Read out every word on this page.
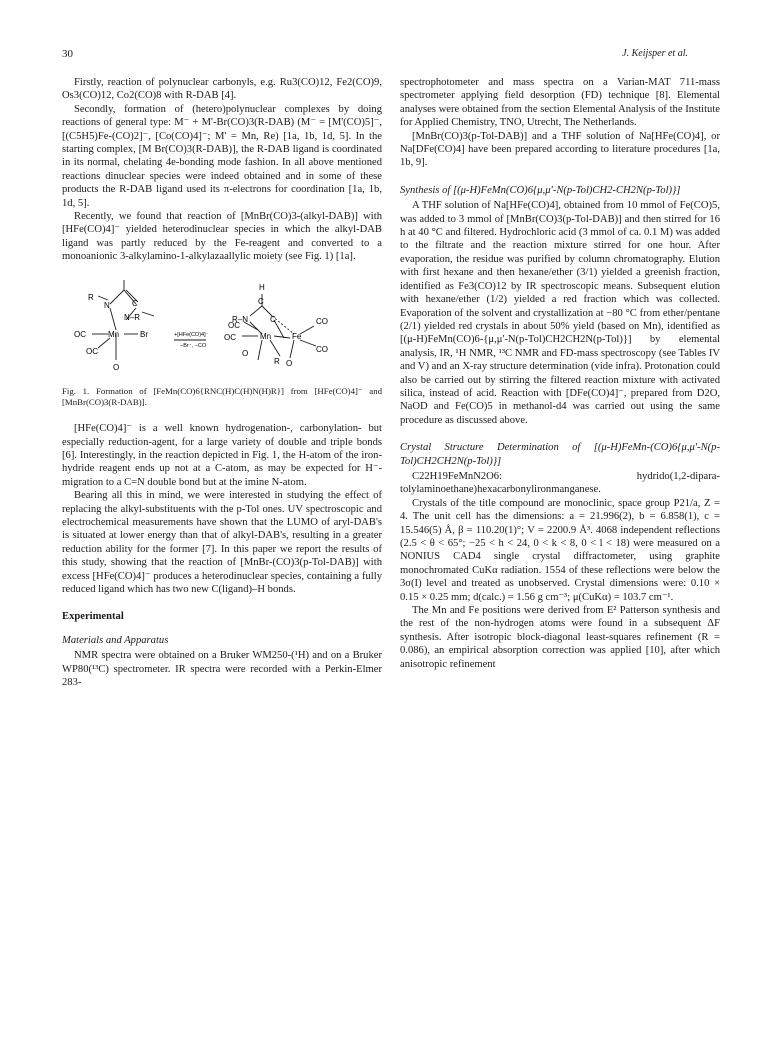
30	J. Keijsper et al.

Firstly, reaction of polynuclear carbonyls, e.g. Ru3(CO)12, Fe2(CO)9, Os3(CO)12, Co2(CO)8 with R-DAB [4].

Secondly, formation of (hetero)polynuclear complexes by doing reactions of general type: M⁻ + M'-Br(CO)3(R-DAB) (M⁻ = [M'(CO)5]⁻, [(C5H5)Fe-(CO)2]⁻, [Co(CO)4]⁻; M' = Mn, Re) [1a, 1b, 1d, 5]. In the starting complex, [M Br(CO)3(R-DAB)], the R-DAB ligand is coordinated in its normal, chelating 4e-bonding mode fashion. In all above mentioned reactions dinuclear species were indeed obtained and in some of these products the R-DAB ligand used its π-electrons for coordination [1a, 1b, 1d, 5].

Recently, we found that reaction of [MnBr(CO)3-(alkyl-DAB)] with [HFe(CO)4]⁻ yielded heterodinuclear species in which the alkyl-DAB ligand was partly reduced by the Fe-reagent and converted to a monoanionic 3-alkylamino-1-alkylazaallylic moiety (see Fig. 1) [1a].

R
C
N
N–R
Mn
OC	Br
OC
O
+[HFe(CO)4]⁻
−Br⁻, −CO
H
C
R–N	C
OC
Mn	Fe
OC
CO
CO
O
R O

Fig. 1. Formation of [FeMn(CO)6{RNC(H)C(H)N(H)R}] from [HFe(CO)4]⁻ and [MnBr(CO)3(R-DAB)].

[HFe(CO)4]⁻ is a well known hydrogenation-, carbonylation- but especially reduction-agent, for a large variety of double and triple bonds [6]. Interestingly, in the reaction depicted in Fig. 1, the H-atom of the iron-hydride reagent ends up not at a C-atom, as may be expected for H⁻-migration to a C=N double bond but at the imine N-atom.

Bearing all this in mind, we were interested in studying the effect of replacing the alkyl-substituents with the p-Tol ones. UV spectroscopic and electrochemical measurements have shown that the LUMO of aryl-DAB's is situated at lower energy than that of alkyl-DAB's, resulting in a greater reduction ability for the former [7]. In this paper we report the results of this study, showing that the reaction of [MnBr-(CO)3(p-Tol-DAB)] with excess [HFe(CO)4]⁻ produces a heterodinuclear species, containing a fully reduced ligand which has two new C(ligand)–H bonds.

Experimental

Materials and Apparatus

NMR spectra were obtained on a Bruker WM250-(¹H) and on a Bruker WP80(¹³C) spectrometer. IR spectra were recorded with a Perkin-Elmer 283-

spectrophotometer and mass spectra on a Varian-MAT 711-mass spectrometer applying field desorption (FD) technique [8]. Elemental analyses were obtained from the section Elemental Analysis of the Institute for Applied Chemistry, TNO, Utrecht, The Netherlands.

[MnBr(CO)3(p-Tol-DAB)] and a THF solution of Na[HFe(CO)4], or Na[DFe(CO)4] have been prepared according to literature procedures [1a, 1b, 9].

Synthesis of [(μ-H)FeMn(CO)6{μ,μ'-N(p-Tol)CH2-CH2N(p-Tol)}]

A THF solution of Na[HFe(CO)4], obtained from 10 mmol of Fe(CO)5, was added to 3 mmol of [MnBr(CO)3(p-Tol-DAB)] and then stirred for 16 h at 40 °C and filtered. Hydrochloric acid (3 mmol of ca. 0.1 M) was added to the filtrate and the reaction mixture stirred for one hour. After evaporation, the residue was purified by column chromatography. Elution with first hexane and then hexane/ether (3/1) yielded a greenish fraction, identified as Fe3(CO)12 by IR spectroscopic means. Subsequent elution with hexane/ether (1/2) yielded a red fraction which was collected. Evaporation of the solvent and crystallization at −80 °C from ether/pentane (2/1) yielded red crystals in about 50% yield (based on Mn), identified as [(μ-H)FeMn(CO)6-{μ,μ'-N(p-Tol)CH2CH2N(p-Tol)}] by elemental analysis, IR, ¹H NMR, ¹³C NMR and FD-mass spectroscopy (see Tables IV and V) and an X-ray structure determination (vide infra). Protonation could also be carried out by stirring the filtered reaction mixture with activated silica, instead of acid. Reaction with [DFe(CO)4]⁻, prepared from D2O, NaOD and Fe(CO)5 in methanol-d4 was carried out using the same procedure as discussed above.

Crystal Structure Determination of [(μ-H)FeMn-(CO)6{μ,μ'-N(p-Tol)CH2CH2N(p-Tol)}]

C22H19FeMnN2O6: hydrido(1,2-dipara-tolylaminoethane)hexacarbonylironmanganese.

Crystals of the title compound are monoclinic, space group P21/a, Z = 4. The unit cell has the dimensions: a = 21.996(2), b = 6.858(1), c = 15.546(5) Å, β = 110.20(1)°; V = 2200.9 Å³. 4068 independent reflections (2.5 < θ < 65°; −25 < h < 24, 0 < k < 8, 0 < l < 18) were measured on a NONIUS CAD4 single crystal diffractometer, using graphite monochromated CuKα radiation. 1554 of these reflections were below the 3σ(I) level and treated as unobserved. Crystal dimensions were: 0.10 × 0.15 × 0.25 mm; d(calc.) = 1.56 g cm⁻³; μ(CuKα) = 103.7 cm⁻¹.

The Mn and Fe positions were derived from E² Patterson synthesis and the rest of the non-hydrogen atoms were found in a subsequent ΔF synthesis. After isotropic block-diagonal least-squares refinement (R = 0.086), an empirical absorption correction was applied [10], after which anisotropic refinement
